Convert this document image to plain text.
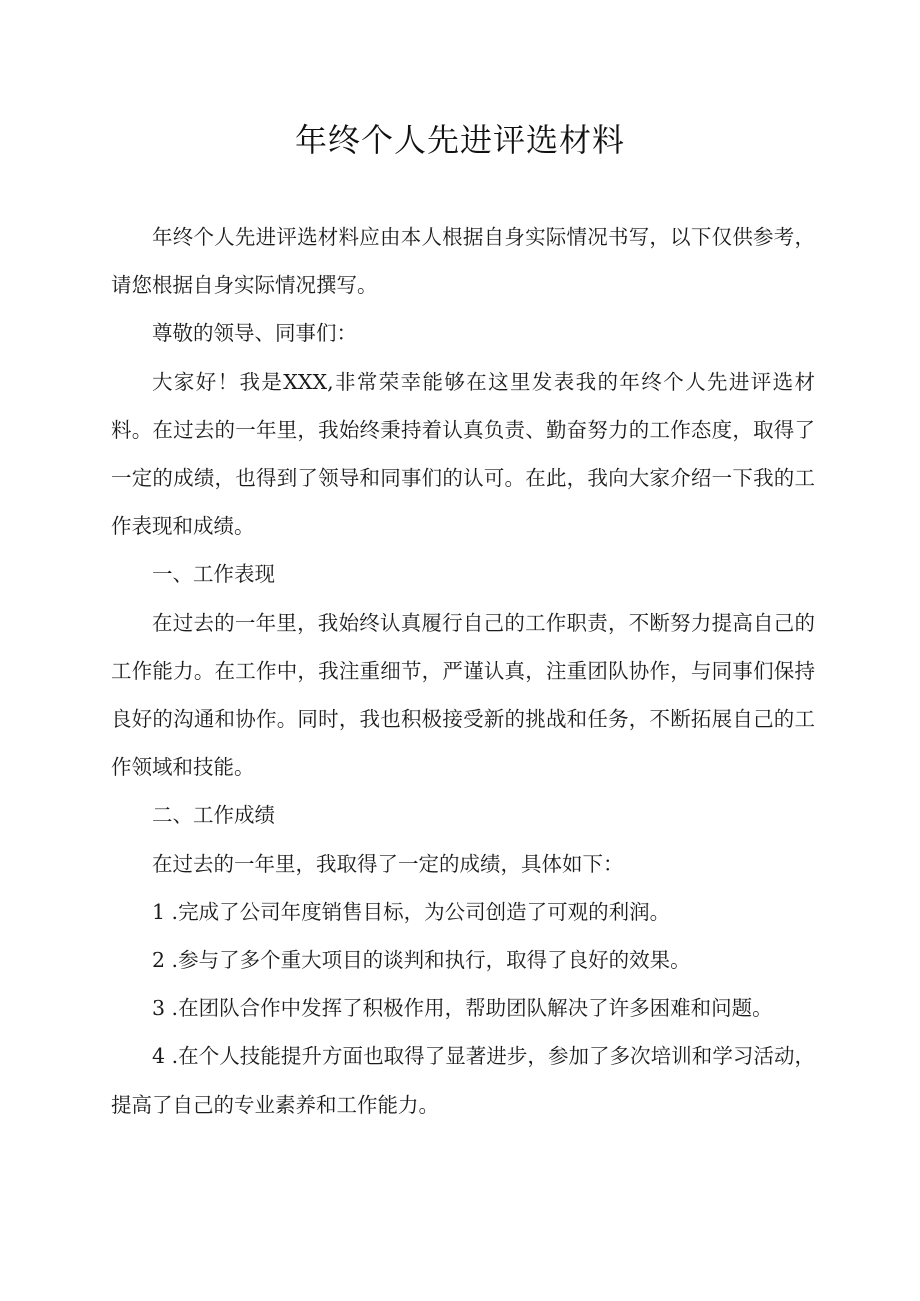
年终个人先进评选材料

年终个人先进评选材料应由本人根据自身实际情况书写，以下仅供参考，请您根据自身实际情况撰写。

尊敬的领导、同事们：

大家好！我是XXX,非常荣幸能够在这里发表我的年终个人先进评选材料。在过去的一年里，我始终秉持着认真负责、勤奋努力的工作态度，取得了一定的成绩，也得到了领导和同事们的认可。在此，我向大家介绍一下我的工作表现和成绩。

一、工作表现

在过去的一年里，我始终认真履行自己的工作职责，不断努力提高自己的工作能力。在工作中，我注重细节，严谨认真，注重团队协作，与同事们保持良好的沟通和协作。同时，我也积极接受新的挑战和任务，不断拓展自己的工作领域和技能。

二、工作成绩

在过去的一年里，我取得了一定的成绩，具体如下：

1 .完成了公司年度销售目标，为公司创造了可观的利润。

2 .参与了多个重大项目的谈判和执行，取得了良好的效果。

3 .在团队合作中发挥了积极作用，帮助团队解决了许多困难和问题。

4 .在个人技能提升方面也取得了显著进步，参加了多次培训和学习活动，提高了自己的专业素养和工作能力。
